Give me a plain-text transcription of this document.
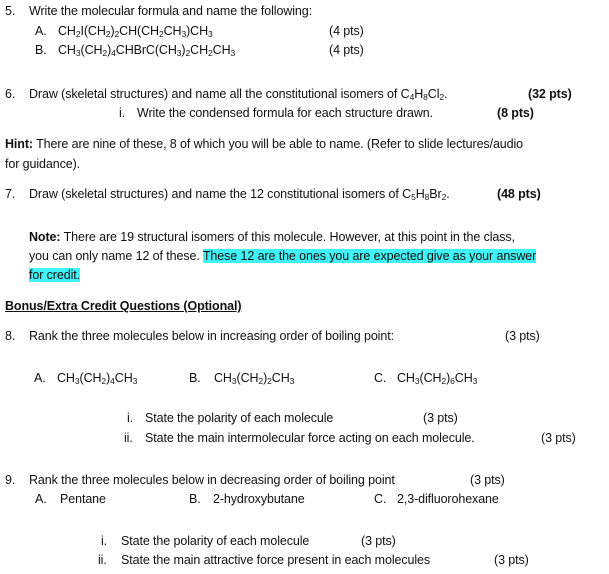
5. Write the molecular formula and name the following:
A. $CH_2I(CH_2)_2CH(CH_2CH_3)CH_3$	(4 pts)
B. $CH_3(CH_2)_4CHBrC(CH_3)_2CH_2CH_3$	(4 pts)
6. Draw (skeletal structures) and name all the constitutional isomers of $C_4H_8Cl_2$.	(32 pts)
i. Write the condensed formula for each structure drawn.	(8 pts)
Hint: There are nine of these, 8 of which you will be able to name. (Refer to slide lectures/audio
for guidance).
7. Draw (skeletal structures) and name the 12 constitutional isomers of $C_5H_8Br_2$.	(48 pts)
Note: There are 19 structural isomers of this molecule. However, at this point in the class,
you can only name 12 of these. These 12 are the ones you are expected give as your answer
for credit.
Bonus/Extra Credit Questions (Optional)
8. Rank the three molecules below in increasing order of boiling point:	(3 pts)
A. $CH_3(CH_2)_4CH_3$	B. $CH_3(CH_2)_2CH_3$	C. $CH_3(CH_2)_6CH_3$
i. State the polarity of each molecule	(3 pts)
ii. State the main intermolecular force acting on each molecule.	(3 pts)
9. Rank the three molecules below in decreasing order of boiling point	(3 pts)
A. Pentane	B. 2-hydroxybutane	C. 2,3-difluorohexane
i. State the polarity of each molecule	(3 pts)
ii. State the main attractive force present in each molecules	(3 pts)
